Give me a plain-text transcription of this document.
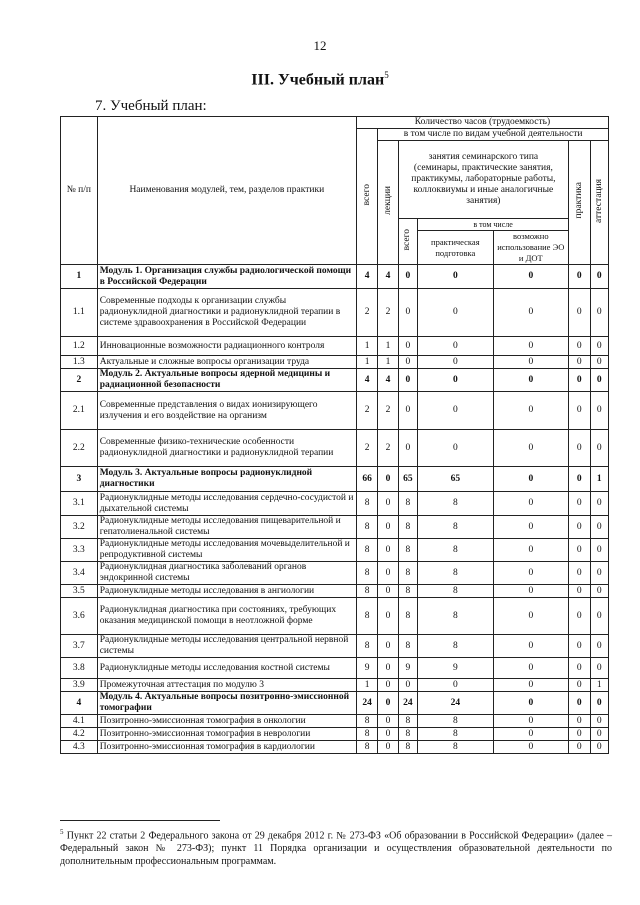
12
III. Учебный план$^5$
7. Учебный план:
№ п/п	Наименования модулей, тем, разделов практики	Количество часов (трудоемкость)						
		всего	в том числе по видам учебной деятельности					
			лекции	занятия семинарского типа (семинары, практические занятия, практикумы, лабораторные работы, коллоквиумы и иные аналогичные занятия)			практика	аттестация
				всего	в том числе			
					практическая подготовка	возможно использование ЭО и ДОТ		
1	Модуль 1. Организация службы радиологической помощи в Российской Федерации	4	4	0	0	0	0	0
1.1	Современные подходы к организации службы радионуклидной диагностики и радионуклидной терапии в системе здравоохранения в Российской Федерации	2	2	0	0	0	0	0
1.2	Инновационные возможности радиационного контроля	1	1	0	0	0	0	0
1.3	Актуальные и сложные вопросы организации труда	1	1	0	0	0	0	0
2	Модуль 2. Актуальные вопросы ядерной медицины и радиационной безопасности	4	4	0	0	0	0	0
2.1	Современные представления о видах ионизирующего излучения и его воздействие на организм	2	2	0	0	0	0	0
2.2	Современные физико-технические особенности радионуклидной диагностики и радионуклидной терапии	2	2	0	0	0	0	0
3	Модуль 3. Актуальные вопросы радионуклидной диагностики	66	0	65	65	0	0	1
3.1	Радионуклидные методы исследования сердечно-сосудистой и дыхательной системы	8	0	8	8	0	0	0
3.2	Радионуклидные методы исследования пищеварительной и гепатолиенальной системы	8	0	8	8	0	0	0
3.3	Радионуклидные методы исследования мочевыделительной и репродуктивной системы	8	0	8	8	0	0	0
3.4	Радионуклидная диагностика заболеваний органов эндокринной системы	8	0	8	8	0	0	0
3.5	Радионуклидные методы исследования в ангиологии	8	0	8	8	0	0	0
3.6	Радионуклидная диагностика при состояниях, требующих оказания медицинской помощи в неотложной форме	8	0	8	8	0	0	0
3.7	Радионуклидные методы исследования центральной нервной системы	8	0	8	8	0	0	0
3.8	Радионуклидные методы исследования костной системы	9	0	9	9	0	0	0
3.9	Промежуточная аттестация по модулю 3	1	0	0	0	0	0	1
4	Модуль 4. Актуальные вопросы позитронно-эмиссионной томографии	24	0	24	24	0	0	0
4.1	Позитронно-эмиссионная томография в онкологии	8	0	8	8	0	0	0
4.2	Позитронно-эмиссионная томография в неврологии	8	0	8	8	0	0	0
4.3	Позитронно-эмиссионная томография в кардиологии	8	0	8	8	0	0	0
$^5$ Пункт 22 статьи 2 Федерального закона от 29 декабря 2012 г. № 273-ФЗ «Об образовании в Российской Федерации» (далее – Федеральный закон № 273-ФЗ); пункт 11 Порядка организации и осуществления образовательной деятельности по дополнительным профессиональным программам.
